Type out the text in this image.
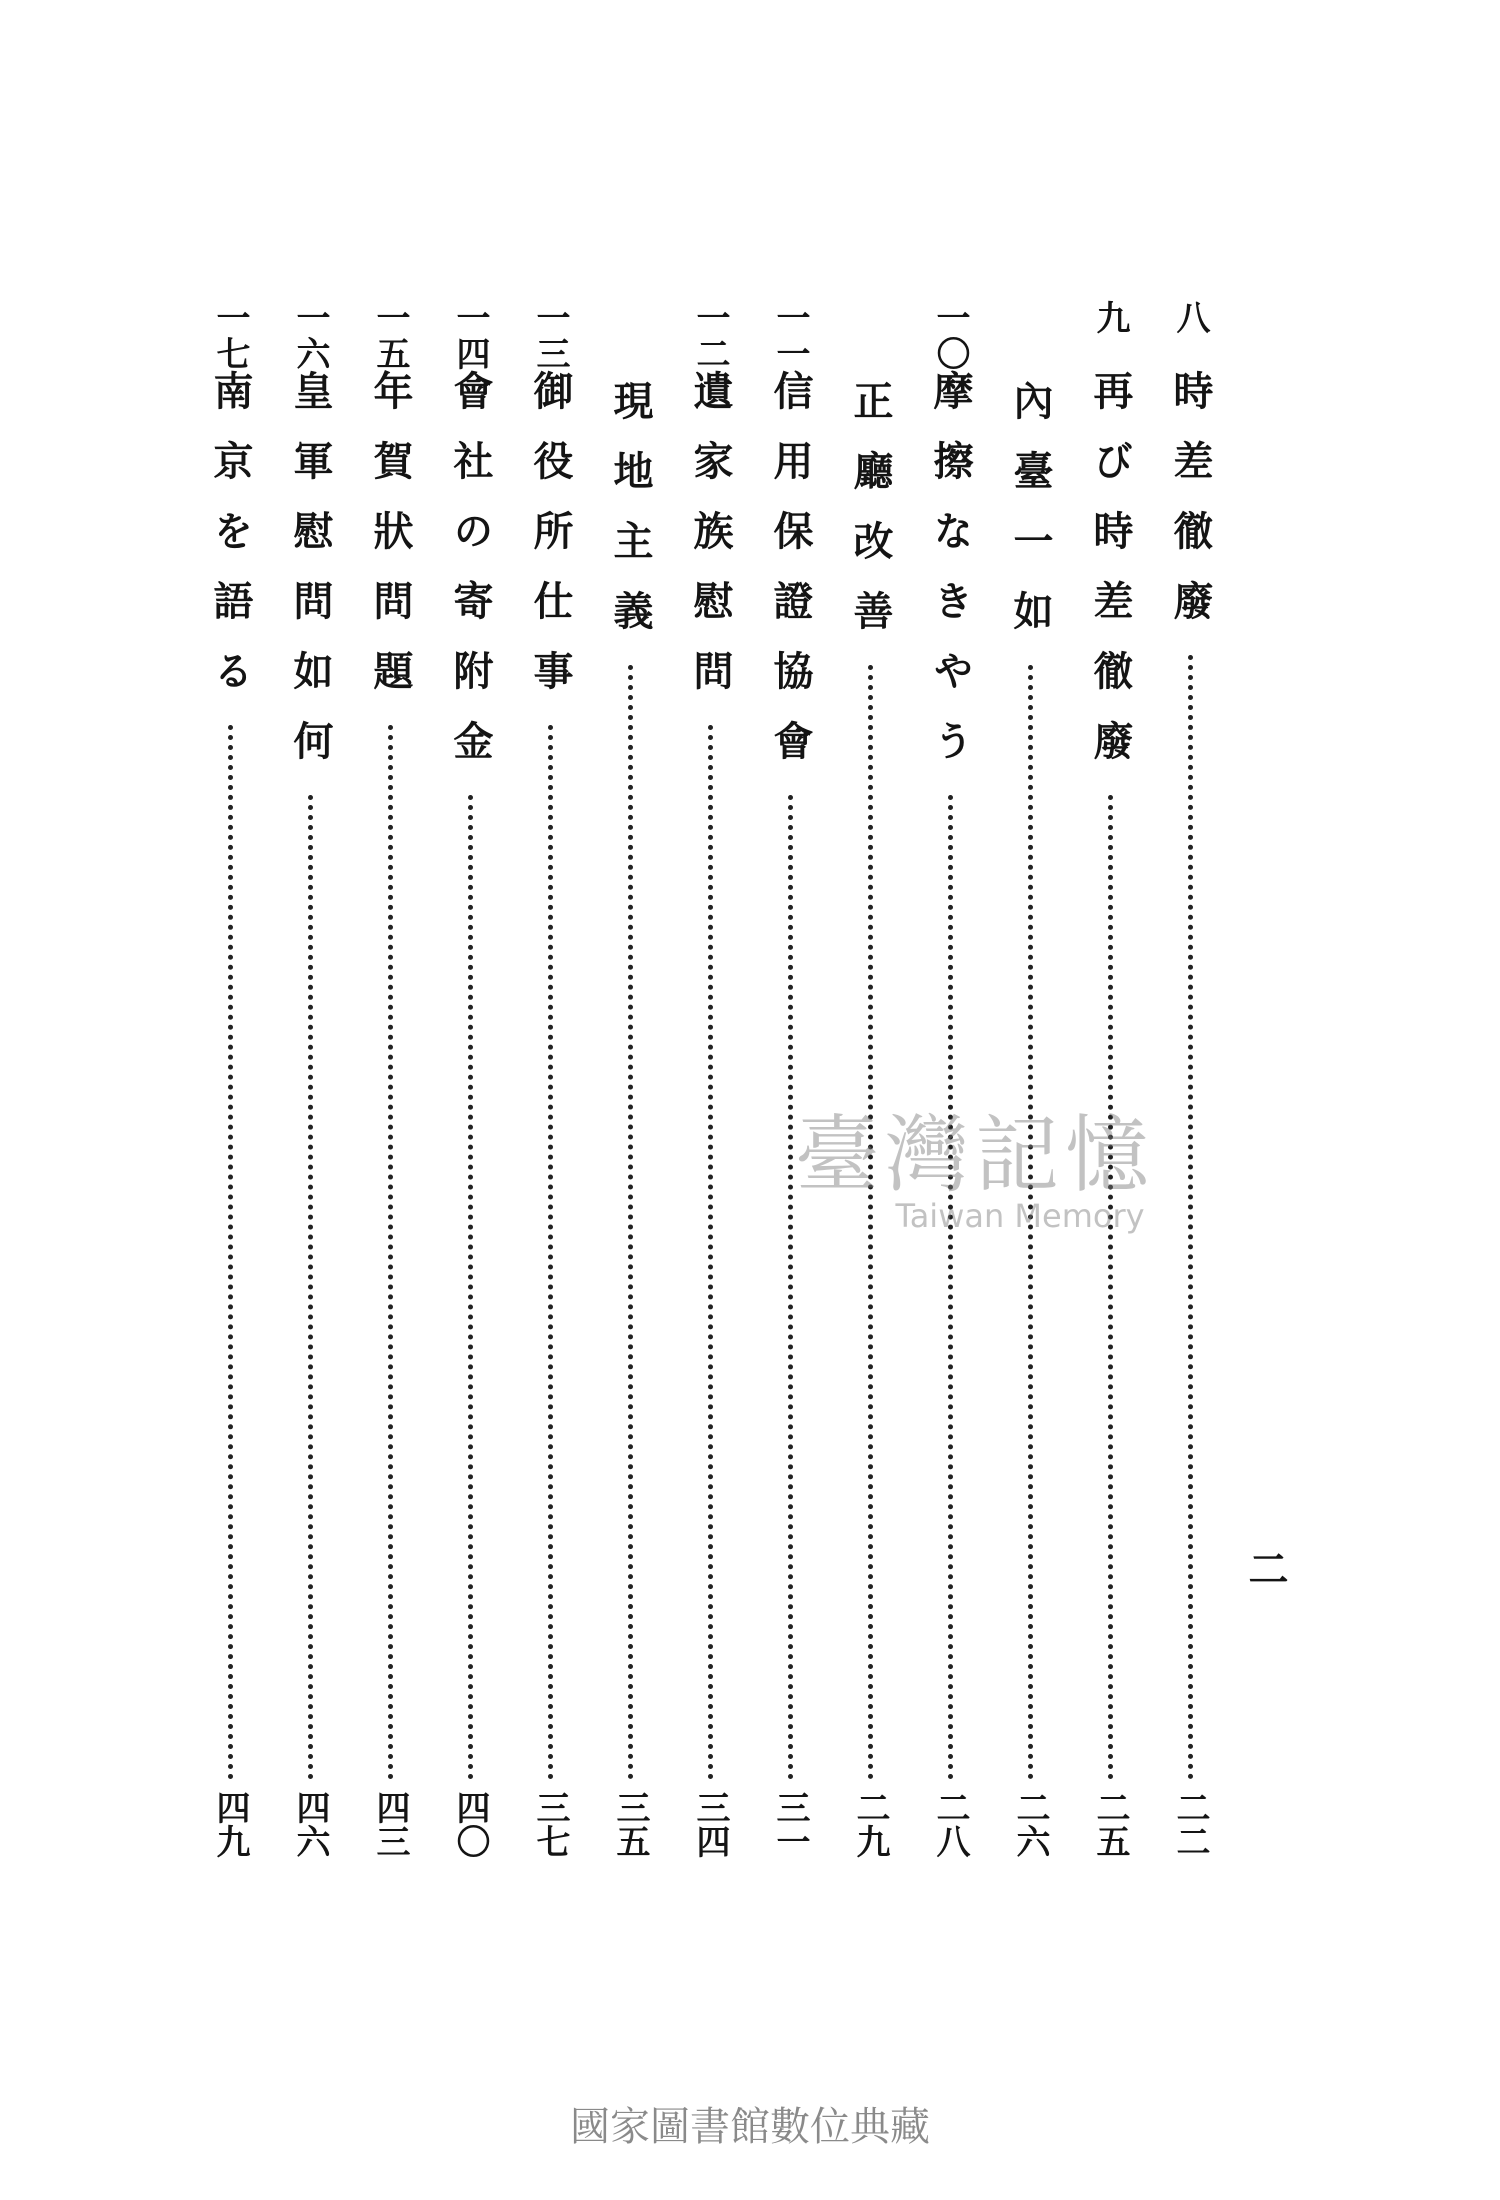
八
時差徹廢
二二
九
再び時差徹廢
二五
內臺一如
二六
一〇
摩擦なきやう
二八
正廳改善
二九
一一
信用保證協會
三一
一二
遺家族慰問
三四
現地主義
三五
一三
御役所仕事
三七
一四
會社の寄附金
四〇
一五
年賀狀問題
四三
一六
皇軍慰問如何
四六
一七
南京を語る
四九
二
臺灣記憶
Taiwan Memory
國家圖書館數位典藏
